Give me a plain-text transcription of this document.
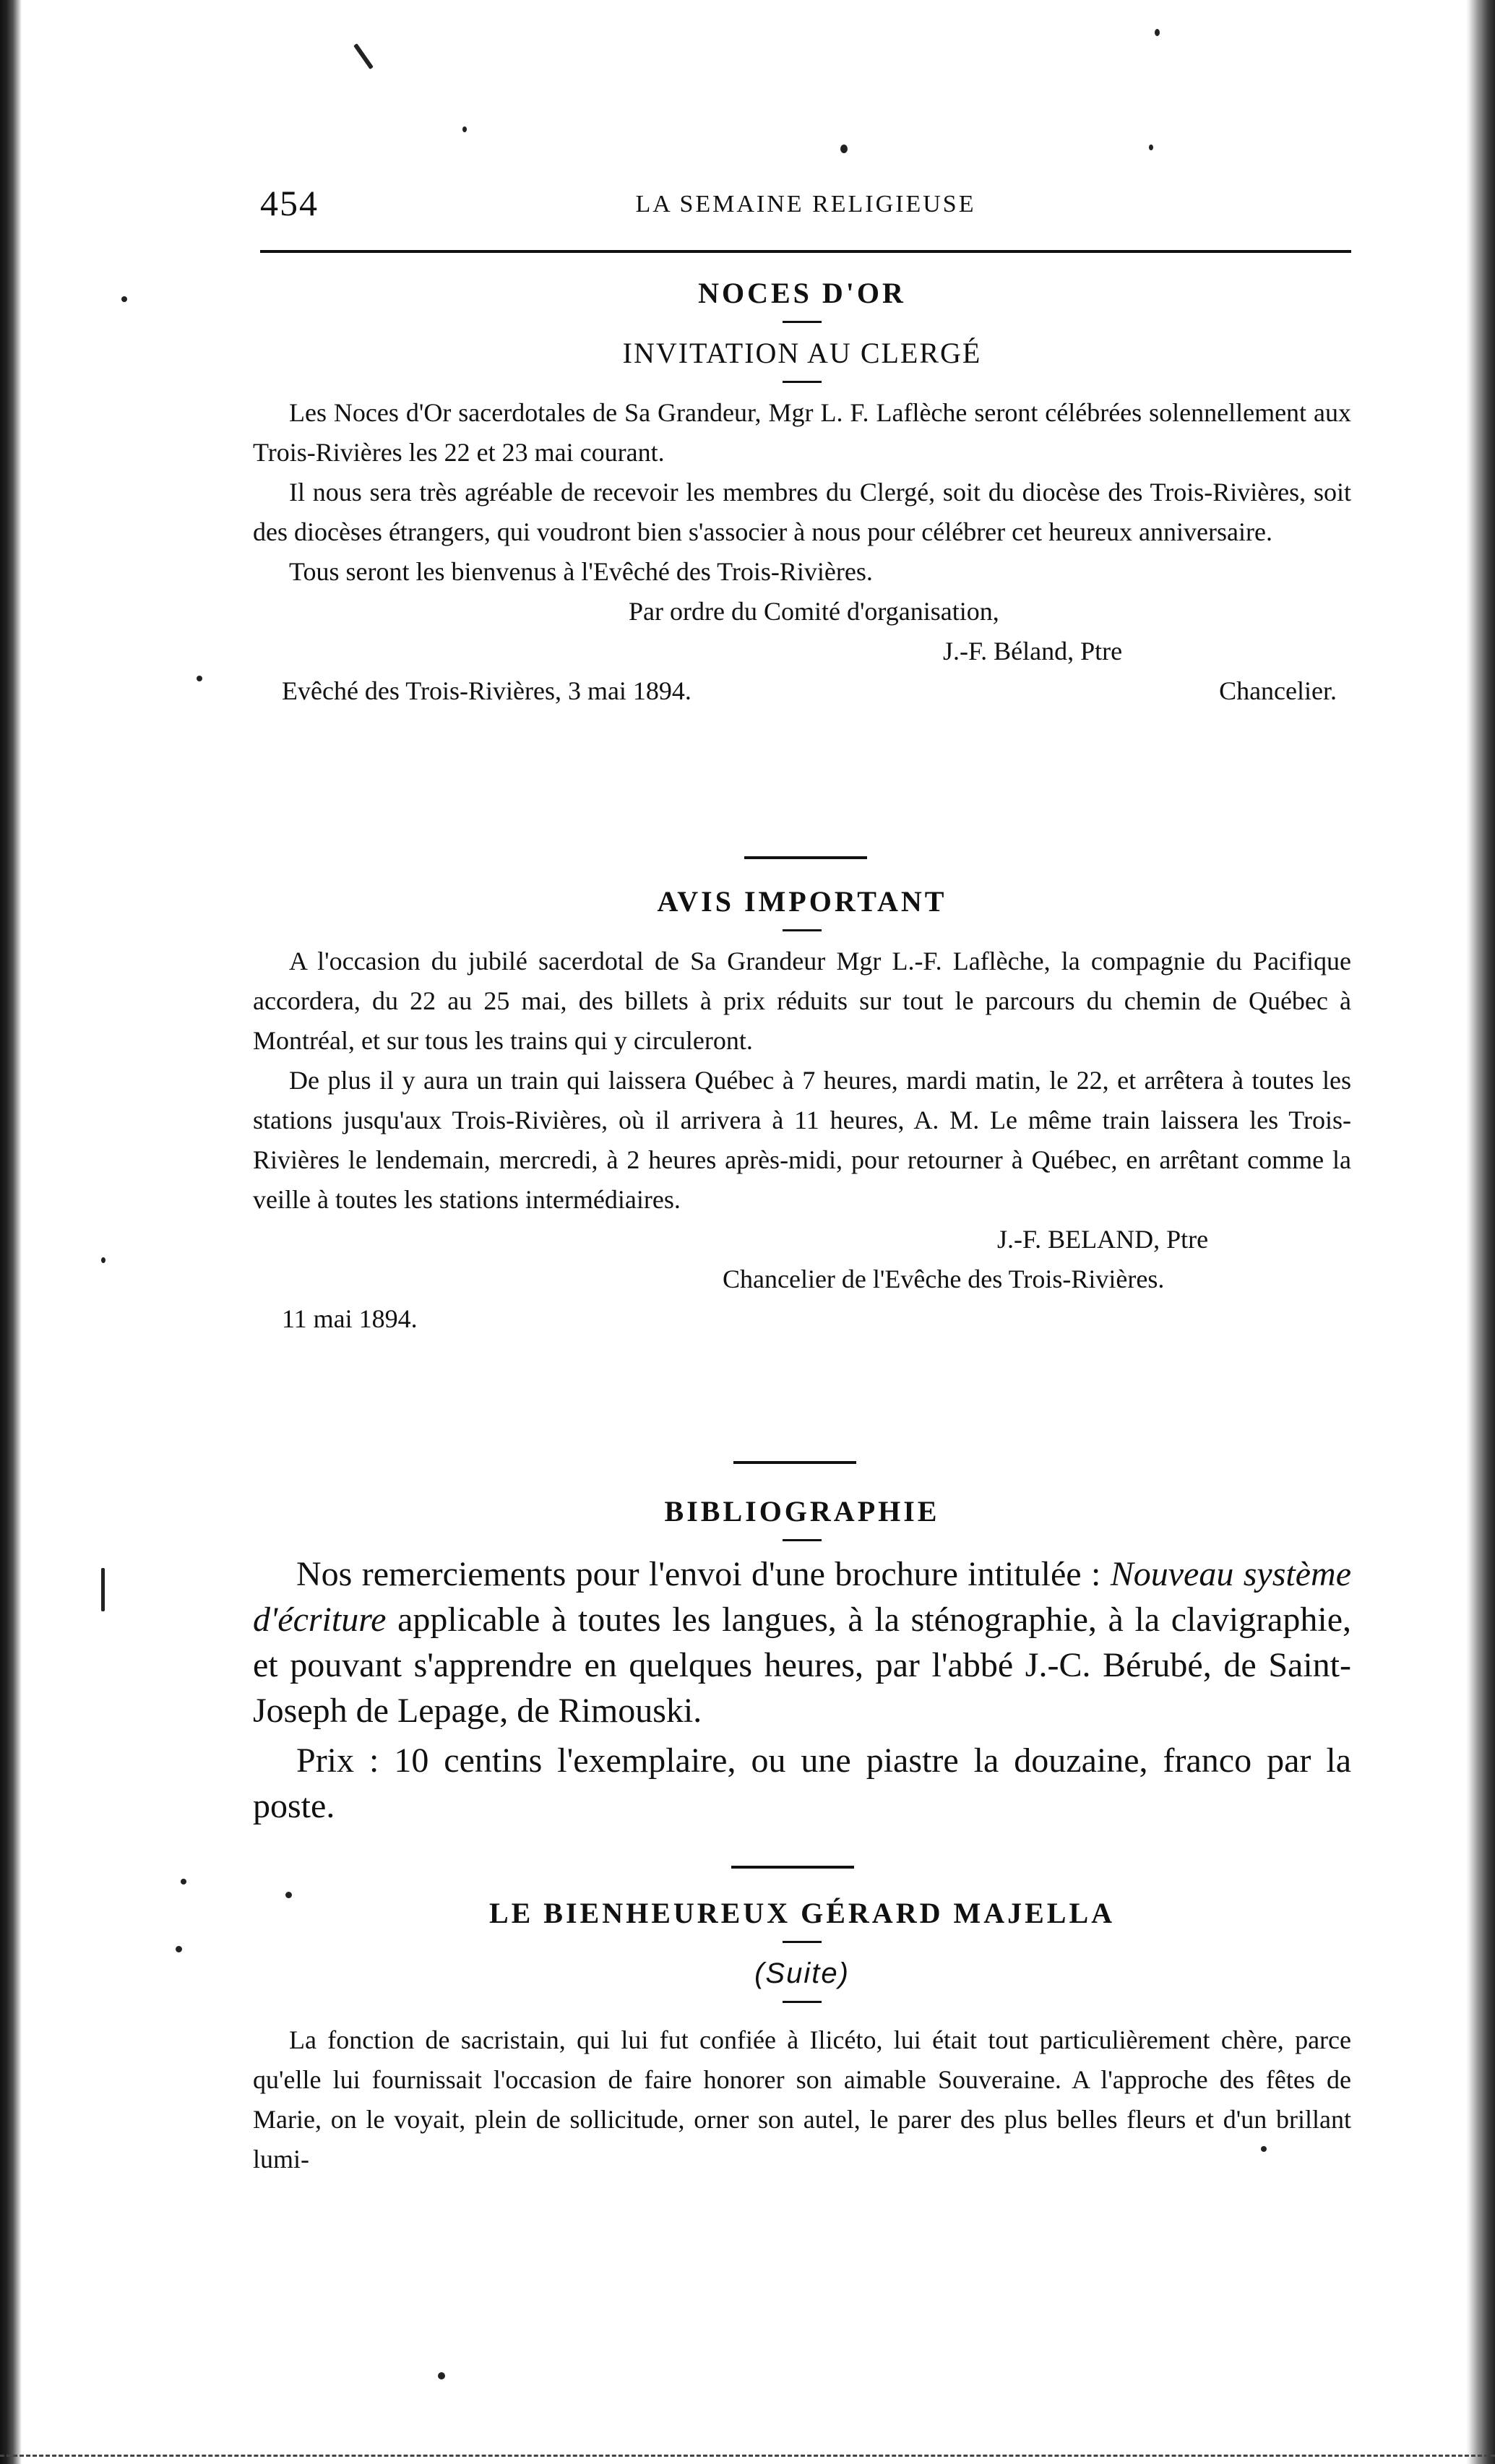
454	LA SEMAINE RELIGIEUSE
NOCES D'OR
INVITATION AU CLERGÉ

Les Noces d'Or sacerdotales de Sa Grandeur, Mgr L. F. Laflèche seront célébrées solennellement aux Trois-Rivières les 22 et 23 mai courant.

Il nous sera très agréable de recevoir les membres du Clergé, soit du diocèse des Trois-Rivières, soit des diocèses étrangers, qui voudront bien s'associer à nous pour célébrer cet heureux anniversaire.

Tous seront les bienvenus à l'Evêché des Trois-Rivières.

Par ordre du Comité d'organisation,
J.-F. Béland, Ptre
Chancelier.
Evêché des Trois-Rivières, 3 mai 1894.
AVIS IMPORTANT

A l'occasion du jubilé sacerdotal de Sa Grandeur Mgr L.-F. Laflèche, la compagnie du Pacifique accordera, du 22 au 25 mai, des billets à prix réduits sur tout le parcours du chemin de Québec à Montréal, et sur tous les trains qui y circuleront.

De plus il y aura un train qui laissera Québec à 7 heures, mardi matin, le 22, et arrêtera à toutes les stations jusqu'aux Trois-Rivières, où il arrivera à 11 heures, A. M. Le même train laissera les Trois-Rivières le lendemain, mercredi, à 2 heures après-midi, pour retourner à Québec, en arrêtant comme la veille à toutes les stations intermédiaires.

J.-F. BELAND, Ptre
Chancelier de l'Evêche des Trois-Rivières.
11 mai 1894.
BIBLIOGRAPHIE

Nos remerciements pour l'envoi d'une brochure intitulée : Nouveau système d'écriture applicable à toutes les langues, à la sténographie, à la clavigraphie, et pouvant s'apprendre en quelques heures, par l'abbé J.-C. Bérubé, de Saint-Joseph de Lepage, de Rimouski.

Prix : 10 centins l'exemplaire, ou une piastre la douzaine, franco par la poste.

LE BIENHEUREUX GÉRARD MAJELLA
(Suite)

La fonction de sacristain, qui lui fut confiée à Ilicéto, lui était tout particulièrement chère, parce qu'elle lui fournissait l'occasion de faire honorer son aimable Souveraine. A l'approche des fêtes de Marie, on le voyait, plein de sollicitude, orner son autel, le parer des plus belles fleurs et d'un brillant lumi-
